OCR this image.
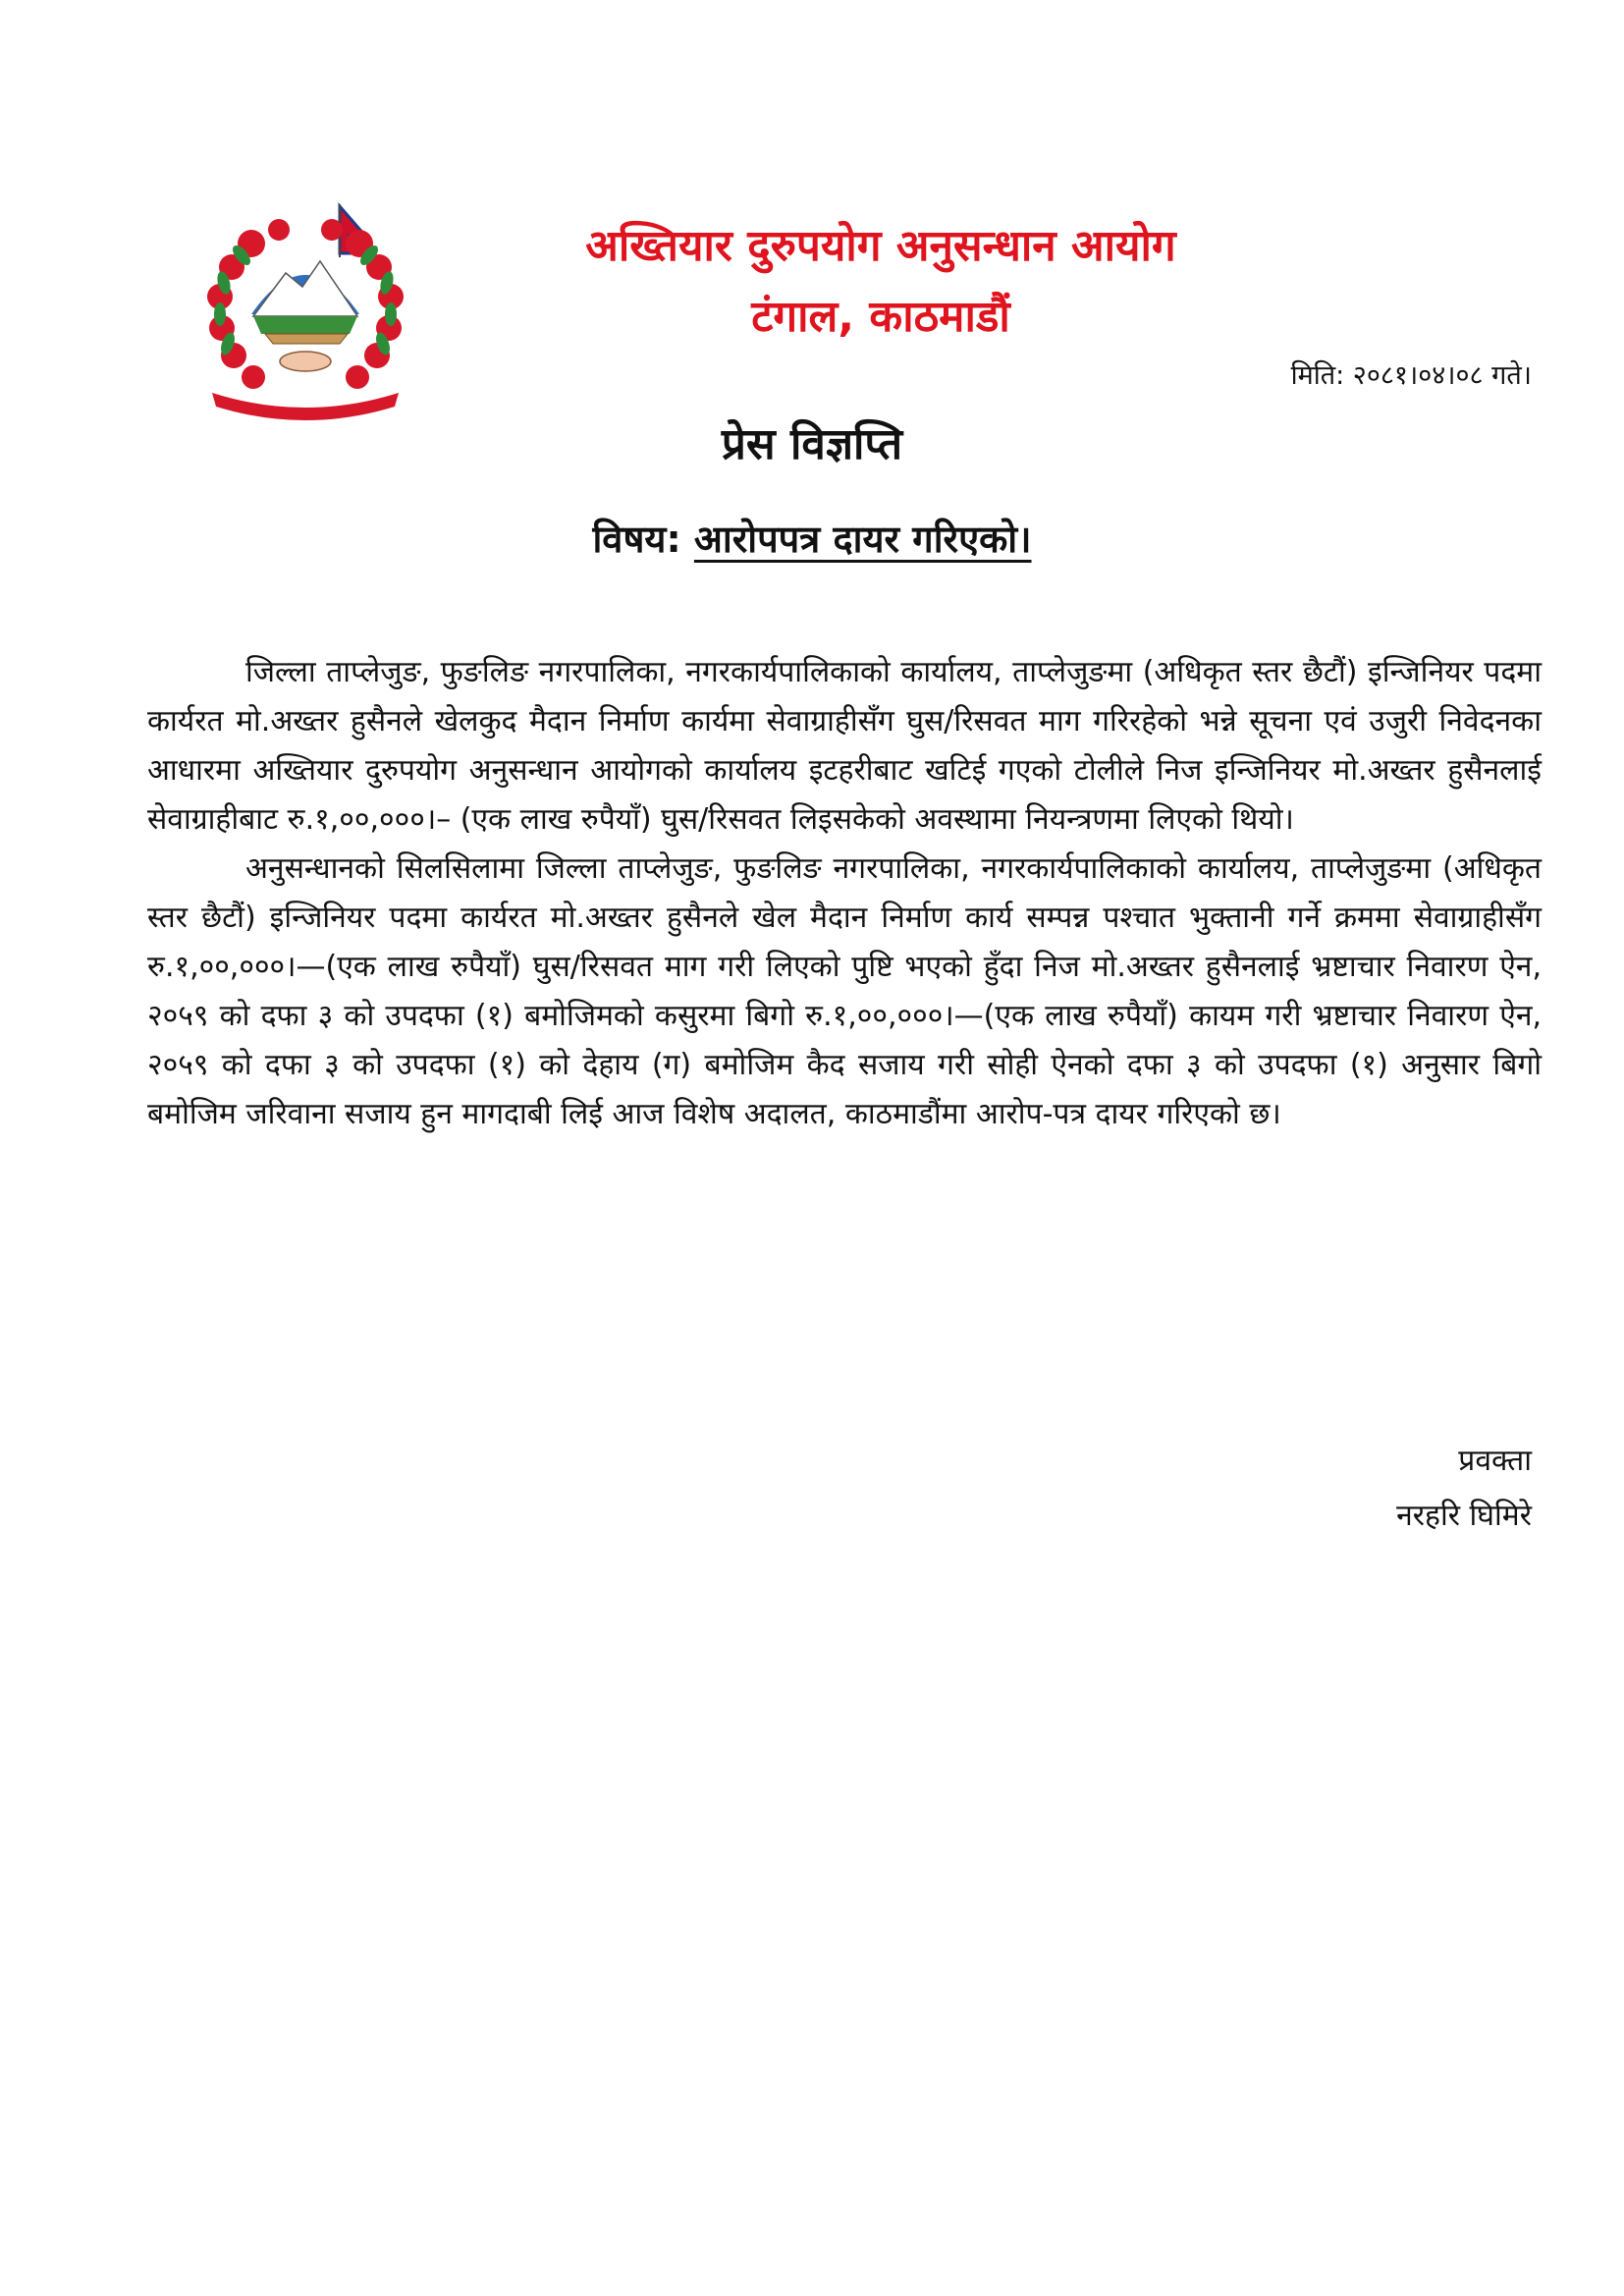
अख्तियार दुरुपयोग अनुसन्धान आयोग
टंगाल, काठमाडौं
मिति: २०८१।०४।०८ गते।
प्रेस विज्ञप्ति
विषय: आरोपपत्र दायर गरिएको।

जिल्ला ताप्लेजुङ, फुङलिङ नगरपालिका, नगरकार्यपालिकाको कार्यालय, ताप्लेजुङमा (अधिकृत स्तर छैटौं) इन्जिनियर पदमा कार्यरत मो.अख्तर हुसैनले खेलकुद मैदान निर्माण कार्यमा सेवाग्राहीसँग घुस/रिसवत माग गरिरहेको भन्ने सूचना एवं उजुरी निवेदनका आधारमा अख्तियार दुरुपयोग अनुसन्धान आयोगको कार्यालय इटहरीबाट खटिई गएको टोलीले निज इन्जिनियर मो.अख्तर हुसैनलाई सेवाग्राहीबाट रु.१,००,०००।– (एक लाख रुपैयाँ) घुस/रिसवत लिइसकेको अवस्थामा नियन्त्रणमा लिएको थियो।

अनुसन्धानको सिलसिलामा जिल्ला ताप्लेजुङ, फुङलिङ नगरपालिका, नगरकार्यपालिकाको कार्यालय, ताप्लेजुङमा (अधिकृत स्तर छैटौं) इन्जिनियर पदमा कार्यरत मो.अख्तर हुसैनले खेल मैदान निर्माण कार्य सम्पन्न पश्चात भुक्तानी गर्ने क्रममा सेवाग्राहीसँग रु.१,००,०००।—(एक लाख रुपैयाँ) घुस/रिसवत माग गरी लिएको पुष्टि भएको हुँदा निज मो.अख्तर हुसैनलाई भ्रष्टाचार निवारण ऐन, २०५९ को दफा ३ को उपदफा (१) बमोजिमको कसुरमा बिगो रु.१,००,०००।—(एक लाख रुपैयाँ) कायम गरी भ्रष्टाचार निवारण ऐन, २०५९ को दफा ३ को उपदफा (१) को देहाय (ग) बमोजिम कैद सजाय गरी सोही ऐनको दफा ३ को उपदफा (१) अनुसार बिगो बमोजिम जरिवाना सजाय हुन मागदाबी लिई आज विशेष अदालत, काठमाडौंमा आरोप-पत्र दायर गरिएको छ।

प्रवक्ता
नरहरि घिमिरे
